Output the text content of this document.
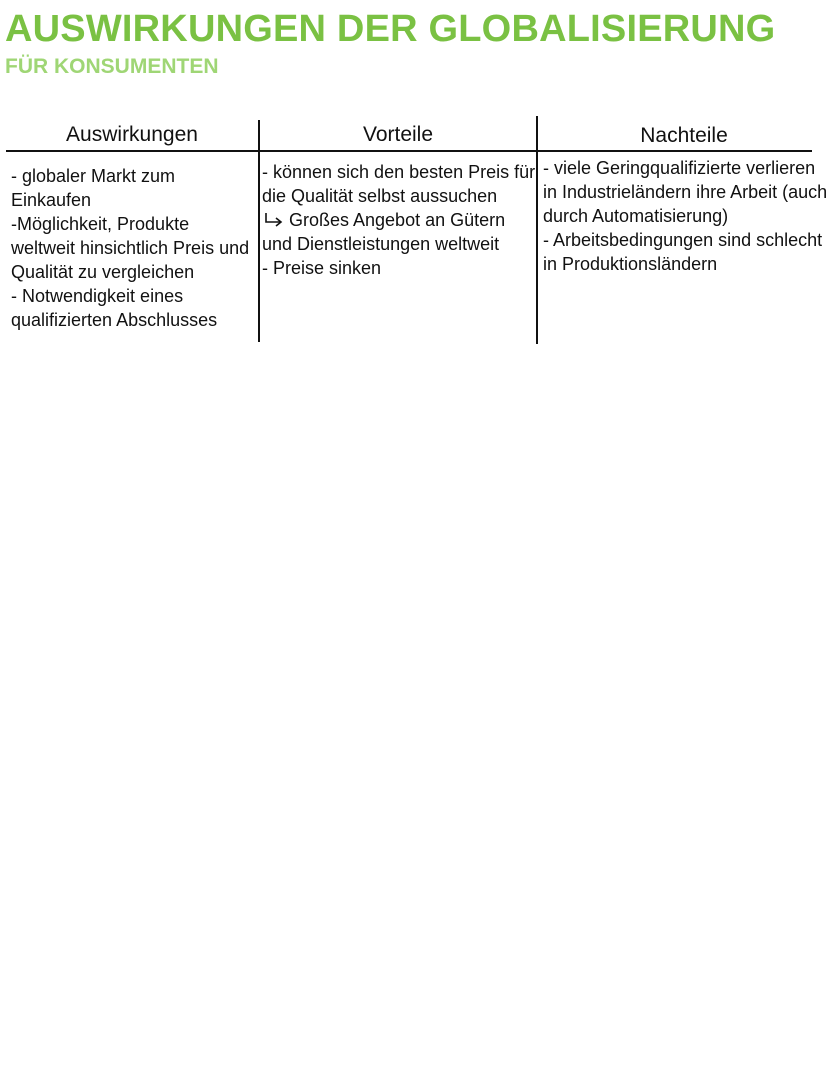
AUSWIRKUNGEN DER GLOBALISIERUNG
FÜR KONSUMENTEN
Auswirkungen	Vorteile	Nachteile

- globaler Markt zum Einkaufen

-Möglichkeit, Produkte weltweit hinsichtlich Preis und Qualität zu vergleichen

- Notwendigkeit eines qualifizierten Abschlusses

- können sich den besten Preis für die Qualität selbst aussuchen

Großes Angebot an Gütern und Dienstleistungen weltweit

- Preise sinken

- viele Geringqualifizierte verlieren in Industrieländern ihre Arbeit (auch durch Automatisierung)

- Arbeitsbedingungen sind schlecht in Produktionsländern
